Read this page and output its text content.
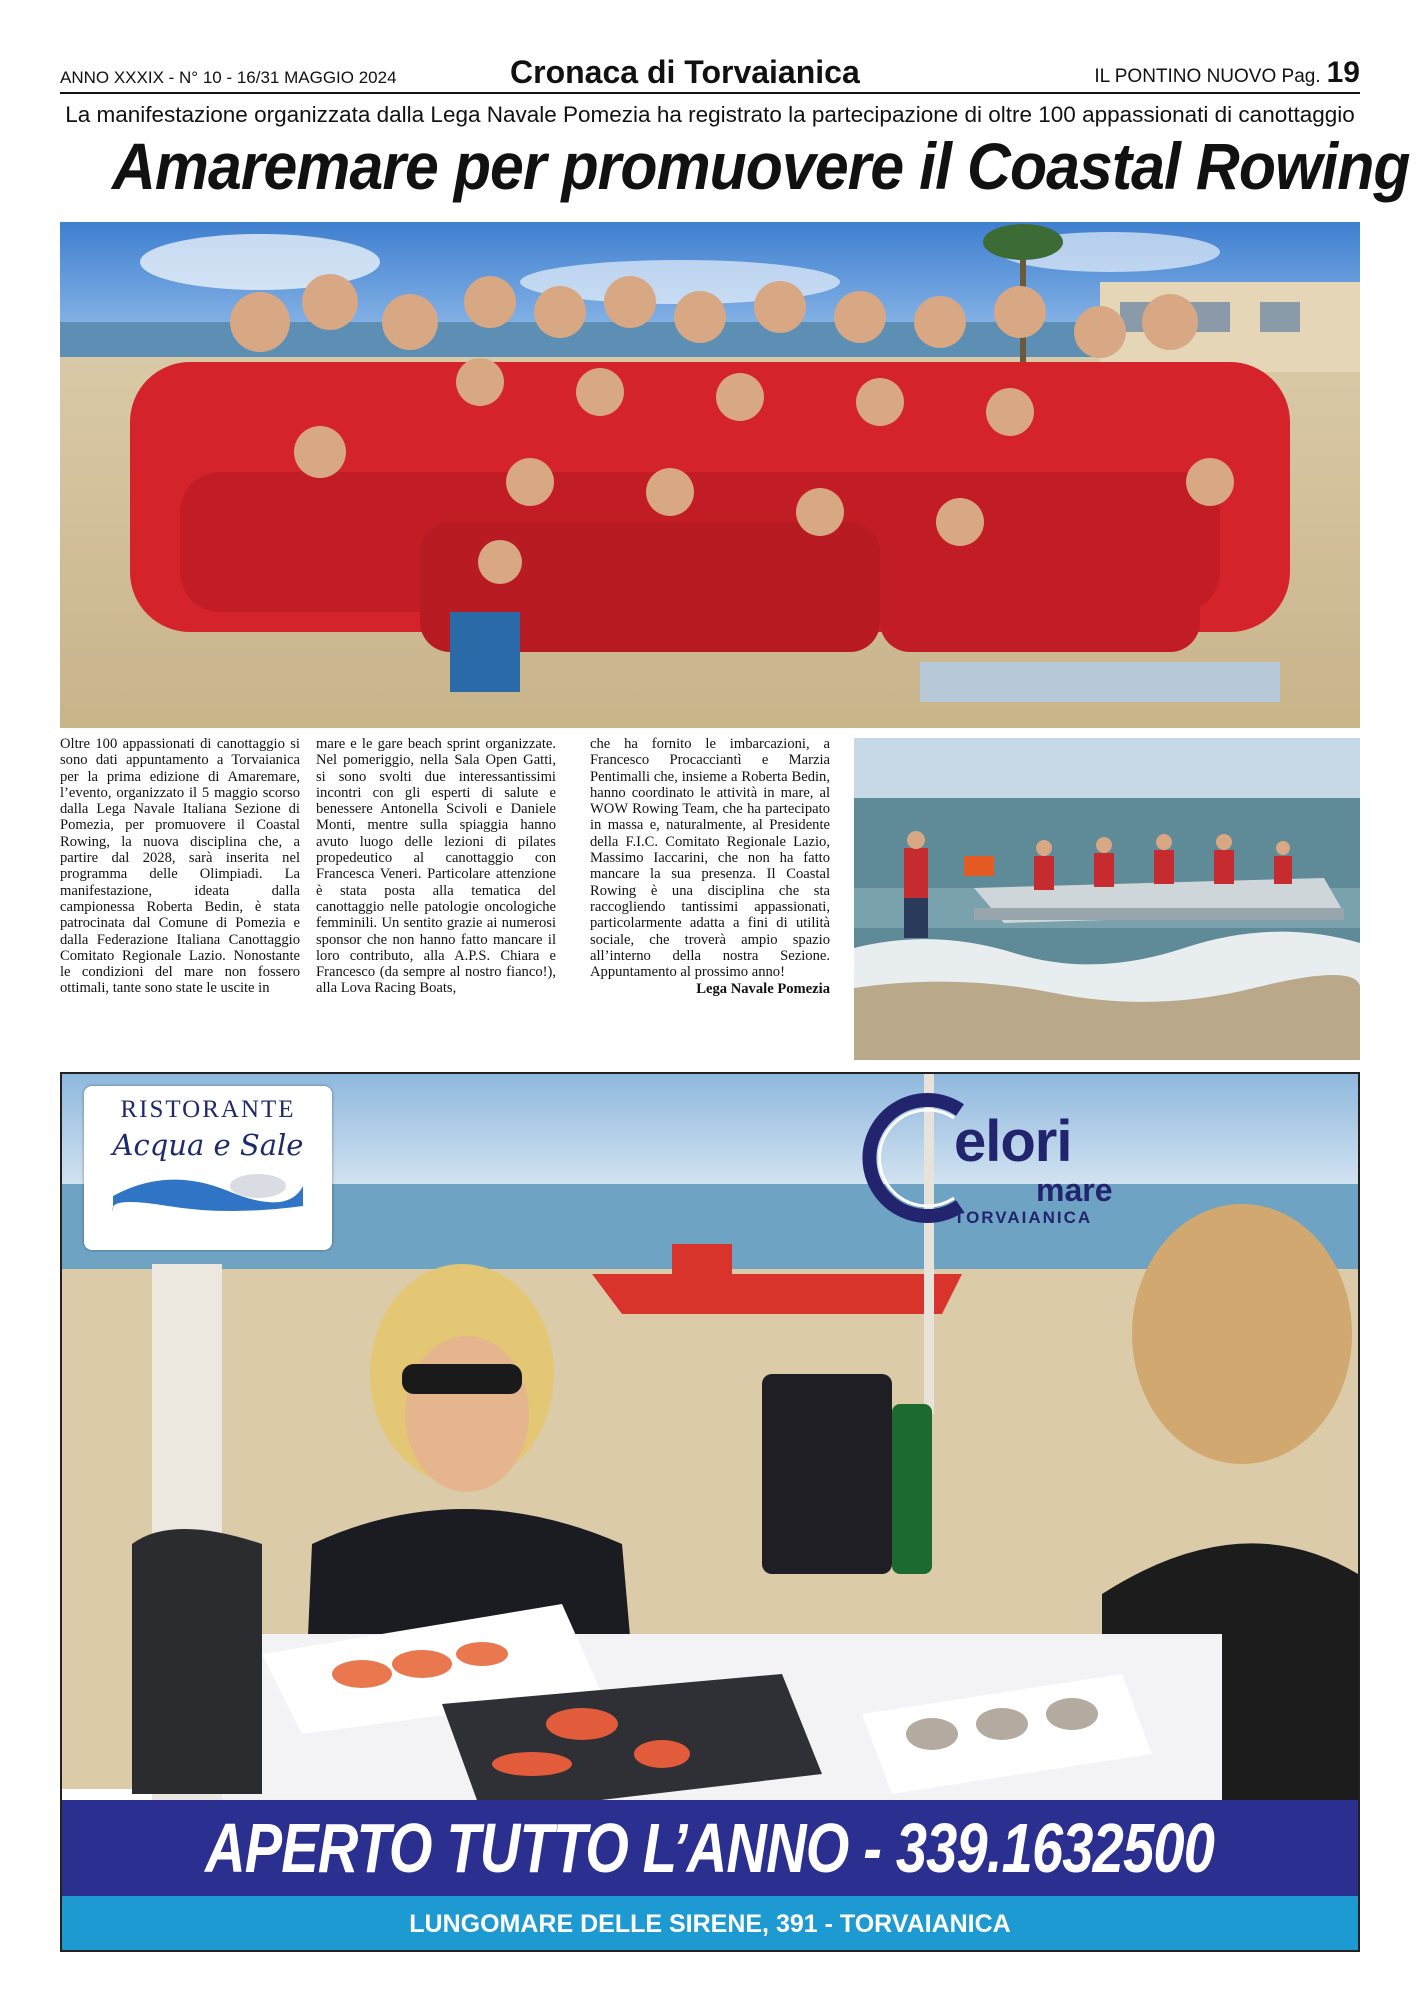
ANNO XXXIX - N° 10 - 16/31 MAGGIO 2024	Cronaca di Torvaianica	IL PONTINO NUOVO Pag. 19
La manifestazione organizzata dalla Lega Navale Pomezia ha registrato la partecipazione di oltre 100 appassionati di canottaggio
Amaremare per promuovere il Coastal Rowing
Oltre 100 appassionati di canottaggio si sono dati appuntamento a Torvaianica per la prima edizione di Amaremare, l’evento, organizzato il 5 maggio scorso dalla Lega Navale Italiana Sezione di Pomezia, per promuovere il Coastal Rowing, la nuova disciplina che, a partire dal 2028, sarà inserita nel programma delle Olimpiadi. La manifestazione, ideata dalla campionessa Roberta Bedin, è stata patrocinata dal Comune di Pomezia e dalla Federazione Italiana Canottaggio Comitato Regionale Lazio. Nonostante le condizioni del mare non fossero ottimali, tante sono state le uscite in
mare e le gare beach sprint organizzate. Nel pomeriggio, nella Sala Open Gatti, si sono svolti due interessantissimi incontri con gli esperti di salute e benessere Antonella Scivoli e Daniele Monti, mentre sulla spiaggia hanno avuto luogo delle lezioni di pilates propedeutico al canottaggio con Francesca Veneri. Particolare attenzione è stata posta alla tematica del canottaggio nelle patologie oncologiche femminili. Un sentito grazie ai numerosi sponsor che non hanno fatto mancare il loro contributo, alla A.P.S. Chiara e Francesco (da sempre al nostro fianco!), alla Lova Racing Boats,
che ha fornito le imbarcazioni, a Francesco Procacciantì e Marzia Pentimalli che, insieme a Roberta Bedin, hanno coordinato le attività in mare, al WOW Rowing Team, che ha partecipato in massa e, naturalmente, al Presidente della F.I.C. Comitato Regionale Lazio, Massimo Iaccarini, che non ha fatto mancare la sua presenza. Il Coastal Rowing è una disciplina che sta raccogliendo tantissimi appassionati, particolarmente adatta a fini di utilità sociale, che troverà ampio spazio all’interno della nostra Sezione. Appuntamento al prossimo anno!
Lega Navale Pomezia
RISTORANTE
Acqua e Sale	elori
mare
TORVAIANICA
APERTO TUTTO L’ANNO - 339.1632500
LUNGOMARE DELLE SIRENE, 391 - TORVAIANICA
